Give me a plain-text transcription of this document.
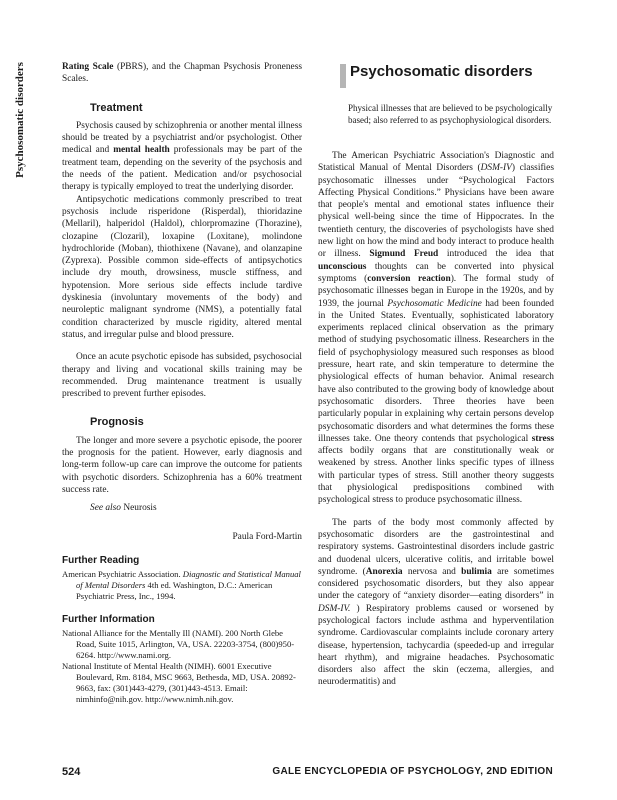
Psychosomatic disorders	Rating Scale (PBRS), and the Chapman Psychosis Proneness Scales.

Treatment

Psychosis caused by schizophrenia or another mental illness should be treated by a psychiatrist and/or psychologist. Other medical and mental health professionals may be part of the treatment team, depending on the severity of the psychosis and the needs of the patient. Medication and/or psychosocial therapy is typically employed to treat the underlying disorder.

Antipsychotic medications commonly prescribed to treat psychosis include risperidone (Risperdal), thioridazine (Mellaril), halperidol (Haldol), chlorpromazine (Thorazine), clozapine (Clozaril), loxapine (Loxitane), molindone hydrochloride (Moban), thiothixene (Navane), and olanzapine (Zyprexa). Possible common side-effects of antipsychotics include dry mouth, drowsiness, muscle stiffness, and hypotension. More serious side effects include tardive dyskinesia (involuntary movements of the body) and neuroleptic malignant syndrome (NMS), a potentially fatal condition characterized by muscle rigidity, altered mental status, and irregular pulse and blood pressure.

Once an acute psychotic episode has subsided, psychosocial therapy and living and vocational skills training may be recommended. Drug maintenance treatment is usually prescribed to prevent further episodes.

Prognosis

The longer and more severe a psychotic episode, the poorer the prognosis for the patient. However, early diagnosis and long-term follow-up care can improve the outcome for patients with psychotic disorders. Schizophrenia has a 60% treatment success rate.

See also Neurosis

Paula Ford-Martin

Further Reading

American Psychiatric Association. Diagnostic and Statistical Manual of Mental Disorders 4th ed. Washington, D.C.: American Psychiatric Press, Inc., 1994.

Further Information

National Alliance for the Mentally Ill (NAMI). 200 North Glebe Road, Suite 1015, Arlington, VA, USA. 22203-3754, (800)950-6264. http://www.nami.org.

National Institute of Mental Health (NIMH). 6001 Executive Boulevard, Rm. 8184, MSC 9663, Bethesda, MD, USA. 20892-9663, fax: (301)443-4279, (301)443-4513. Email: nimhinfo@nih.gov. http://www.nimh.nih.gov.

Psychosomatic disorders

Physical illnesses that are believed to be psychologically based; also referred to as psychophysiological disorders.

The American Psychiatric Association's Diagnostic and Statistical Manual of Mental Disorders (DSM-IV) classifies psychosomatic illnesses under “Psychological Factors Affecting Physical Conditions.” Physicians have been aware that people's mental and emotional states influence their physical well-being since the time of Hippocrates. In the twentieth century, the discoveries of psychologists have shed new light on how the mind and body interact to produce health or illness. Sigmund Freud introduced the idea that unconscious thoughts can be converted into physical symptoms (conversion reaction). The formal study of psychosomatic illnesses began in Europe in the 1920s, and by 1939, the journal Psychosomatic Medicine had been founded in the United States. Eventually, sophisticated laboratory experiments replaced clinical observation as the primary method of studying psychosomatic illness. Researchers in the field of psychophysiology measured such responses as blood pressure, heart rate, and skin temperature to determine the physiological effects of human behavior. Animal research have also contributed to the growing body of knowledge about psychosomatic disorders. Three theories have been particularly popular in explaining why certain persons develop psychosomatic disorders and what determines the forms these illnesses take. One theory contends that psychological stress affects bodily organs that are constitutionally weak or weakened by stress. Another links specific types of illness with particular types of stress. Still another theory suggests that physiological predispositions combined with psychological stress to produce psychosomatic illness.

The parts of the body most commonly affected by psychosomatic disorders are the gastrointestinal and respiratory systems. Gastrointestinal disorders include gastric and duodenal ulcers, ulcerative colitis, and irritable bowel syndrome. (Anorexia nervosa and bulimia are sometimes considered psychosomatic disorders, but they also appear under the category of “anxiety disorder—eating disorders” in DSM-IV. ) Respiratory problems caused or worsened by psychological factors include asthma and hyperventilation syndrome. Cardiovascular complaints include coronary artery disease, hypertension, tachycardia (speeded-up and irregular heart rhythm), and migraine headaches. Psychosomatic disorders also affect the skin (eczema, allergies, and neurodermatitis) and

524	GALE ENCYCLOPEDIA OF PSYCHOLOGY, 2ND EDITION
